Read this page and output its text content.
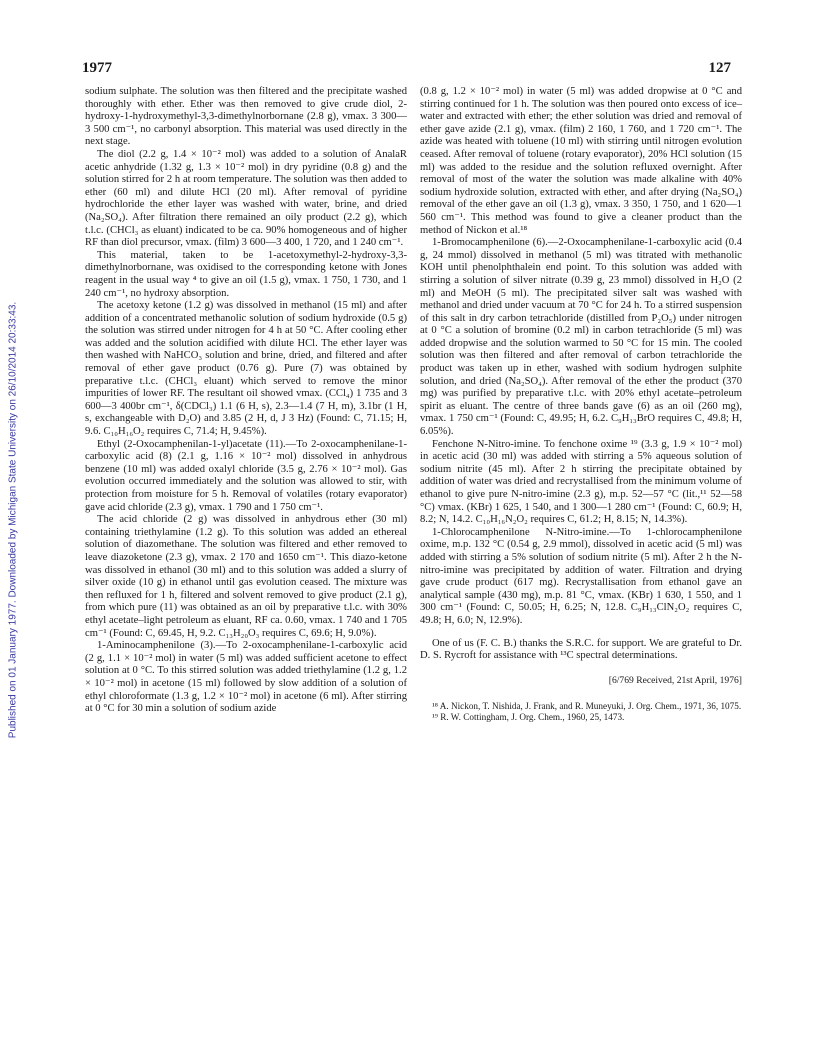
1977	127
Published on 01 January 1977. Downloaded by Michigan State University on 26/10/2014 20:33:43.

sodium sulphate. The solution was then filtered and the precipitate washed thoroughly with ether. Ether was then removed to give crude diol, 2-hydroxy-1-hydroxymethyl-3,3-dimethylnorbornane (2.8 g), vmax. 3 300—3 500 cm⁻¹, no carbonyl absorption. This material was used directly in the next stage.

The diol (2.2 g, 1.4 × 10⁻² mol) was added to a solution of AnalaR acetic anhydride (1.32 g, 1.3 × 10⁻² mol) in dry pyridine (0.8 g) and the solution stirred for 2 h at room temperature. The solution was then added to ether (60 ml) and dilute HCl (20 ml). After removal of pyridine hydrochloride the ether layer was washed with water, brine, and dried (Na₂SO₄). After filtration there remained an oily product (2.2 g), which t.l.c. (CHCl₃ as eluant) indicated to be ca. 90% homogeneous and of higher RF than diol precursor, vmax. (film) 3 600—3 400, 1 720, and 1 240 cm⁻¹.

This material, taken to be 1-acetoxymethyl-2-hydroxy-3,3-dimethylnorbornane, was oxidised to the corresponding ketone with Jones reagent in the usual way ⁴ to give an oil (1.5 g), vmax. 1 750, 1 730, and 1 240 cm⁻¹, no hydroxy absorption.

The acetoxy ketone (1.2 g) was dissolved in methanol (15 ml) and after addition of a concentrated methanolic solution of sodium hydroxide (0.5 g) the solution was stirred under nitrogen for 4 h at 50 °C. After cooling ether was added and the solution acidified with dilute HCl. The ether layer was then washed with NaHCO₃ solution and brine, dried, and filtered and after removal of ether gave product (0.76 g). Pure (7) was obtained by preparative t.l.c. (CHCl₃ eluant) which served to remove the minor impurities of lower RF. The resultant oil showed vmax. (CCl₄) 1 735 and 3 600—3 400br cm⁻¹, δ(CDCl₃) 1.1 (6 H, s), 2.3—1.4 (7 H, m), 3.1br (1 H, s, exchangeable with D₂O) and 3.85 (2 H, d, J 3 Hz) (Found: C, 71.15; H, 9.6. C₁₀H₁₆O₂ requires C, 71.4; H, 9.45%).

Ethyl (2-Oxocamphenilan-1-yl)acetate (11).—To 2-oxocamphenilane-1-carboxylic acid (8) (2.1 g, 1.16 × 10⁻² mol) dissolved in anhydrous benzene (10 ml) was added oxalyl chloride (3.5 g, 2.76 × 10⁻² mol). Gas evolution occurred immediately and the solution was allowed to stir, with protection from moisture for 5 h. Removal of volatiles (rotary evaporator) gave acid chloride (2.3 g), vmax. 1 790 and 1 750 cm⁻¹.

The acid chloride (2 g) was dissolved in anhydrous ether (30 ml) containing triethylamine (1.2 g). To this solution was added an ethereal solution of diazomethane. The solution was filtered and ether removed to leave diazoketone (2.3 g), vmax. 2 170 and 1650 cm⁻¹. This diazo-ketone was dissolved in ethanol (30 ml) and to this solution was added a slurry of silver oxide (10 g) in ethanol until gas evolution ceased. The mixture was then refluxed for 1 h, filtered and solvent removed to give product (2.1 g), from which pure (11) was obtained as an oil by preparative t.l.c. with 30% ethyl acetate–light petroleum as eluant, RF ca. 0.60, vmax. 1 740 and 1 705 cm⁻¹ (Found: C, 69.45, H, 9.2. C₁₃H₂₀O₃ requires C, 69.6; H, 9.0%).

1-Aminocamphenilone (3).—To 2-oxocamphenilane-1-carboxylic acid (2 g, 1.1 × 10⁻² mol) in water (5 ml) was added sufficient acetone to effect solution at 0 °C. To this stirred solution was added triethylamine (1.2 g, 1.2 × 10⁻² mol) in acetone (15 ml) followed by slow addition of a solution of ethyl chloroformate (1.3 g, 1.2 × 10⁻² mol) in acetone (6 ml). After stirring at 0 °C for 30 min a solution of sodium azide

(0.8 g, 1.2 × 10⁻² mol) in water (5 ml) was added dropwise at 0 °C and stirring continued for 1 h. The solution was then poured onto excess of ice–water and extracted with ether; the ether solution was dried and removal of ether gave azide (2.1 g), vmax. (film) 2 160, 1 760, and 1 720 cm⁻¹. The azide was heated with toluene (10 ml) with stirring until nitrogen evolution ceased. After removal of toluene (rotary evaporator), 20% HCl solution (15 ml) was added to the residue and the solution refluxed overnight. After removal of most of the water the solution was made alkaline with 40% sodium hydroxide solution, extracted with ether, and after drying (Na₂SO₄) removal of the ether gave an oil (1.3 g), vmax. 3 350, 1 750, and 1 620—1 560 cm⁻¹. This method was found to give a cleaner product than the method of Nickon et al.¹⁸

1-Bromocamphenilone (6).—2-Oxocamphenilane-1-carboxylic acid (0.4 g, 24 mmol) dissolved in methanol (5 ml) was titrated with methanolic KOH until phenolphthalein end point. To this solution was added with stirring a solution of silver nitrate (0.39 g, 23 mmol) dissolved in H₂O (2 ml) and MeOH (5 ml). The precipitated silver salt was washed with methanol and dried under vacuum at 70 °C for 24 h. To a stirred suspension of this salt in dry carbon tetrachloride (distilled from P₂O₅) under nitrogen at 0 °C a solution of bromine (0.2 ml) in carbon tetrachloride (5 ml) was added dropwise and the solution warmed to 50 °C for 15 min. The cooled solution was then filtered and after removal of carbon tetrachloride the product was taken up in ether, washed with sodium hydrogen sulphite solution, and dried (Na₂SO₄). After removal of the ether the product (370 mg) was purified by preparative t.l.c. with 20% ethyl acetate–petroleum spirit as eluant. The centre of three bands gave (6) as an oil (260 mg), vmax. 1 750 cm⁻¹ (Found: C, 49.95; H, 6.2. C₉H₁₃BrO requires C, 49.8; H, 6.05%).

Fenchone N-Nitro-imine. To fenchone oxime ¹⁹ (3.3 g, 1.9 × 10⁻² mol) in acetic acid (30 ml) was added with stirring a 5% aqueous solution of sodium nitrite (45 ml). After 2 h stirring the precipitate obtained by addition of water was dried and recrystallised from the minimum volume of ethanol to give pure N-nitro-imine (2.3 g), m.p. 52—57 °C (lit.,¹¹ 52—58 °C) vmax. (KBr) 1 625, 1 540, and 1 300—1 280 cm⁻¹ (Found: C, 60.9; H, 8.2; N, 14.2. C₁₀H₁₆N₂O₂ requires C, 61.2; H, 8.15; N, 14.3%).

1-Chlorocamphenilone N-Nitro-imine.—To 1-chlorocamphenilone oxime, m.p. 132 °C (0.54 g, 2.9 mmol), dissolved in acetic acid (5 ml) was added with stirring a 5% solution of sodium nitrite (5 ml). After 2 h the N-nitro-imine was precipitated by addition of water. Filtration and drying gave crude product (617 mg). Recrystallisation from ethanol gave an analytical sample (430 mg), m.p. 81 °C, vmax. (KBr) 1 630, 1 550, and 1 300 cm⁻¹ (Found: C, 50.05; H, 6.25; N, 12.8. C₉H₁₃ClN₂O₂ requires C, 49.8; H, 6.0; N, 12.9%).

One of us (F. C. B.) thanks the S.R.C. for support. We are grateful to Dr. D. S. Rycroft for assistance with ¹³C spectral determinations.

[6/769 Received, 21st April, 1976]
¹⁸ A. Nickon, T. Nishida, J. Frank, and R. Muneyuki, J. Org. Chem., 1971, 36, 1075.
¹⁹ R. W. Cottingham, J. Org. Chem., 1960, 25, 1473.
